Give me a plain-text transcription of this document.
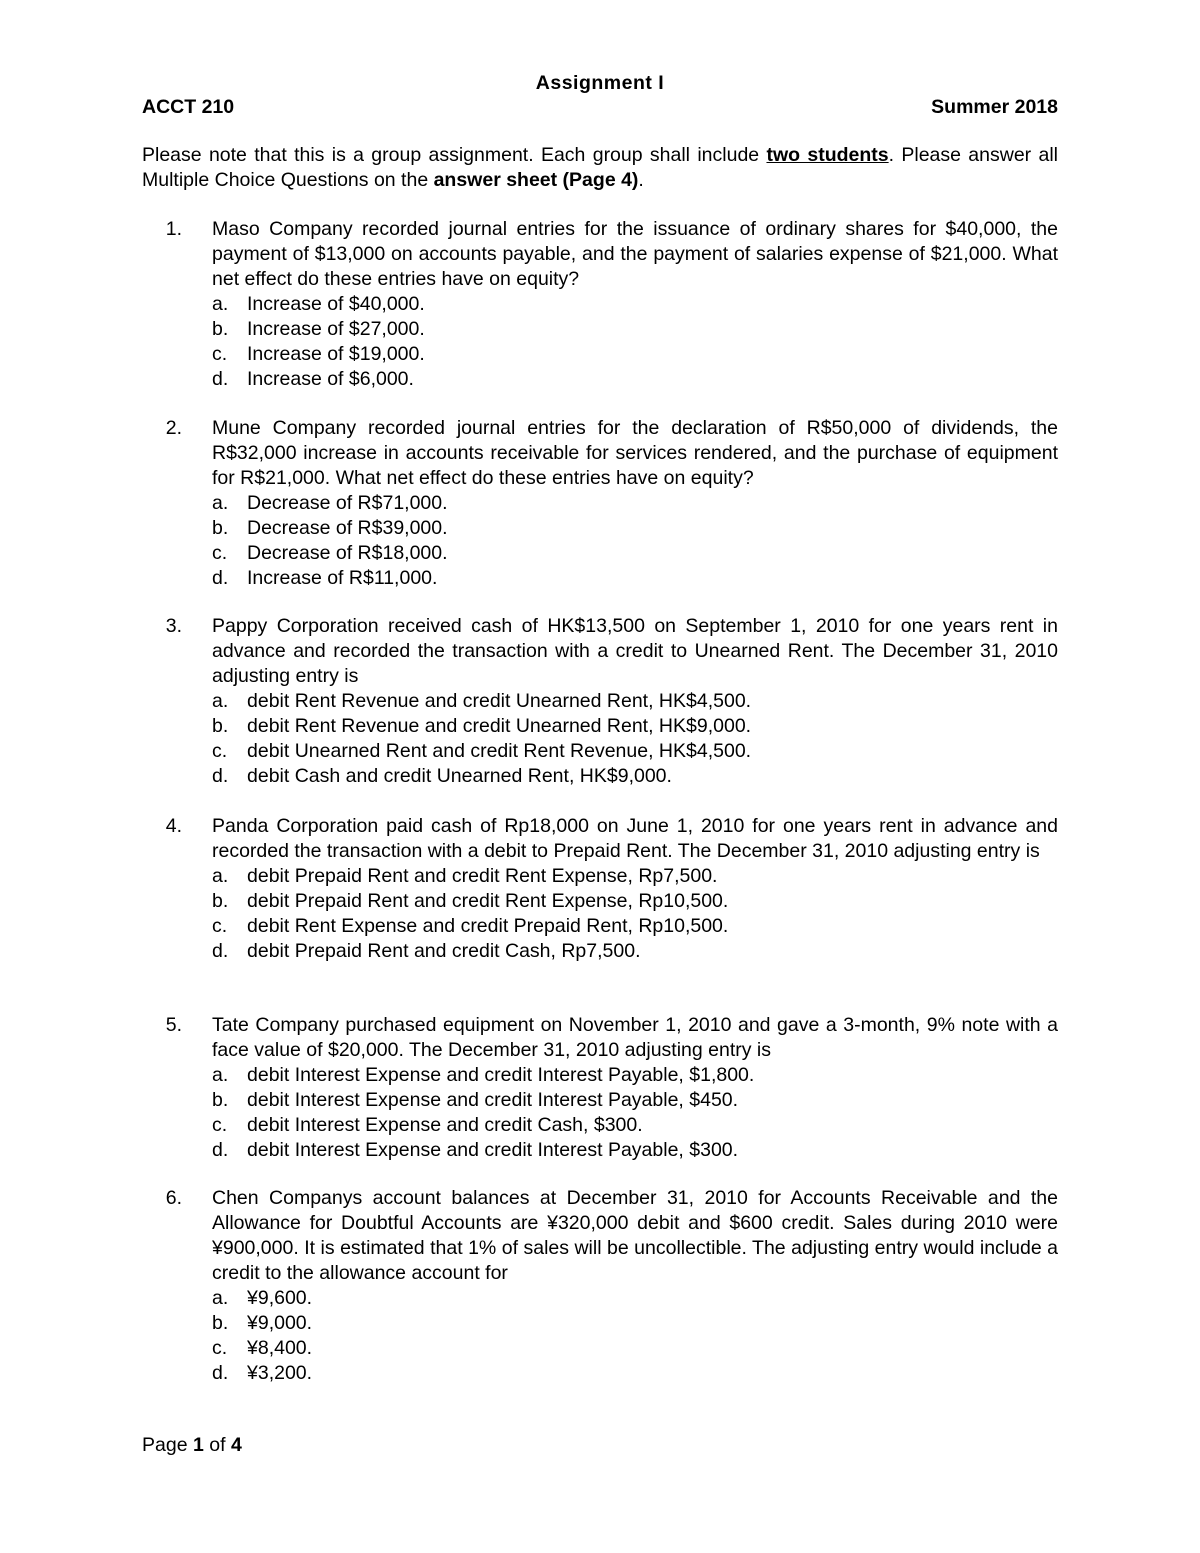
Assignment I
ACCT 210	Summer 2018
Please note that this is a group assignment. Each group shall include two students. Please answer all Multiple Choice Questions on the answer sheet (Page 4).
1. Maso Company recorded journal entries for the issuance of ordinary shares for $40,000, the payment of $13,000 on accounts payable, and the payment of salaries expense of $21,000. What net effect do these entries have on equity?
a. Increase of $40,000.
b. Increase of $27,000.
c.	Increase of $19,000.
d. Increase of $6,000.
2. Mune Company recorded journal entries for the declaration of R$50,000 of dividends, the R$32,000 increase in accounts receivable for services rendered, and the purchase of equipment for R$21,000. What net effect do these entries have on equity?
a. Decrease of R$71,000.
b. Decrease of R$39,000.
c.	Decrease of R$18,000.
d. Increase of R$11,000.
3. Pappy Corporation received cash of HK$13,500 on September 1, 2010 for one years rent in advance and recorded the transaction with a credit to Unearned Rent. The December 31, 2010 adjusting entry is
a. debit Rent Revenue and credit Unearned Rent, HK$4,500.
b. debit Rent Revenue and credit Unearned Rent, HK$9,000.
c.	debit Unearned Rent and credit Rent Revenue, HK$4,500.
d. debit Cash and credit Unearned Rent, HK$9,000.
4. Panda Corporation paid cash of Rp18,000 on June 1, 2010 for one years rent in advance and recorded the transaction with a debit to Prepaid Rent. The December 31, 2010 adjusting entry is
a. debit Prepaid Rent and credit Rent Expense, Rp7,500.
b. debit Prepaid Rent and credit Rent Expense, Rp10,500.
c.	debit Rent Expense and credit Prepaid Rent, Rp10,500.
d. debit Prepaid Rent and credit Cash, Rp7,500.
5. Tate Company purchased equipment on November 1, 2010 and gave a 3-month, 9% note with a face value of $20,000. The December 31, 2010 adjusting entry is
a. debit Interest Expense and credit Interest Payable, $1,800.
b. debit Interest Expense and credit Interest Payable, $450.
c.	debit Interest Expense and credit Cash, $300.
d. debit Interest Expense and credit Interest Payable, $300.
6. Chen Companys account balances at December 31, 2010 for Accounts Receivable and the Allowance for Doubtful Accounts are ¥320,000 debit and $600 credit. Sales during 2010 were ¥900,000. It is estimated that 1% of sales will be uncollectible. The adjusting entry would include a credit to the allowance account for
a. ¥9,600.
b. ¥9,000.
c.	¥8,400.
d. ¥3,200.
Page 1 of 4
